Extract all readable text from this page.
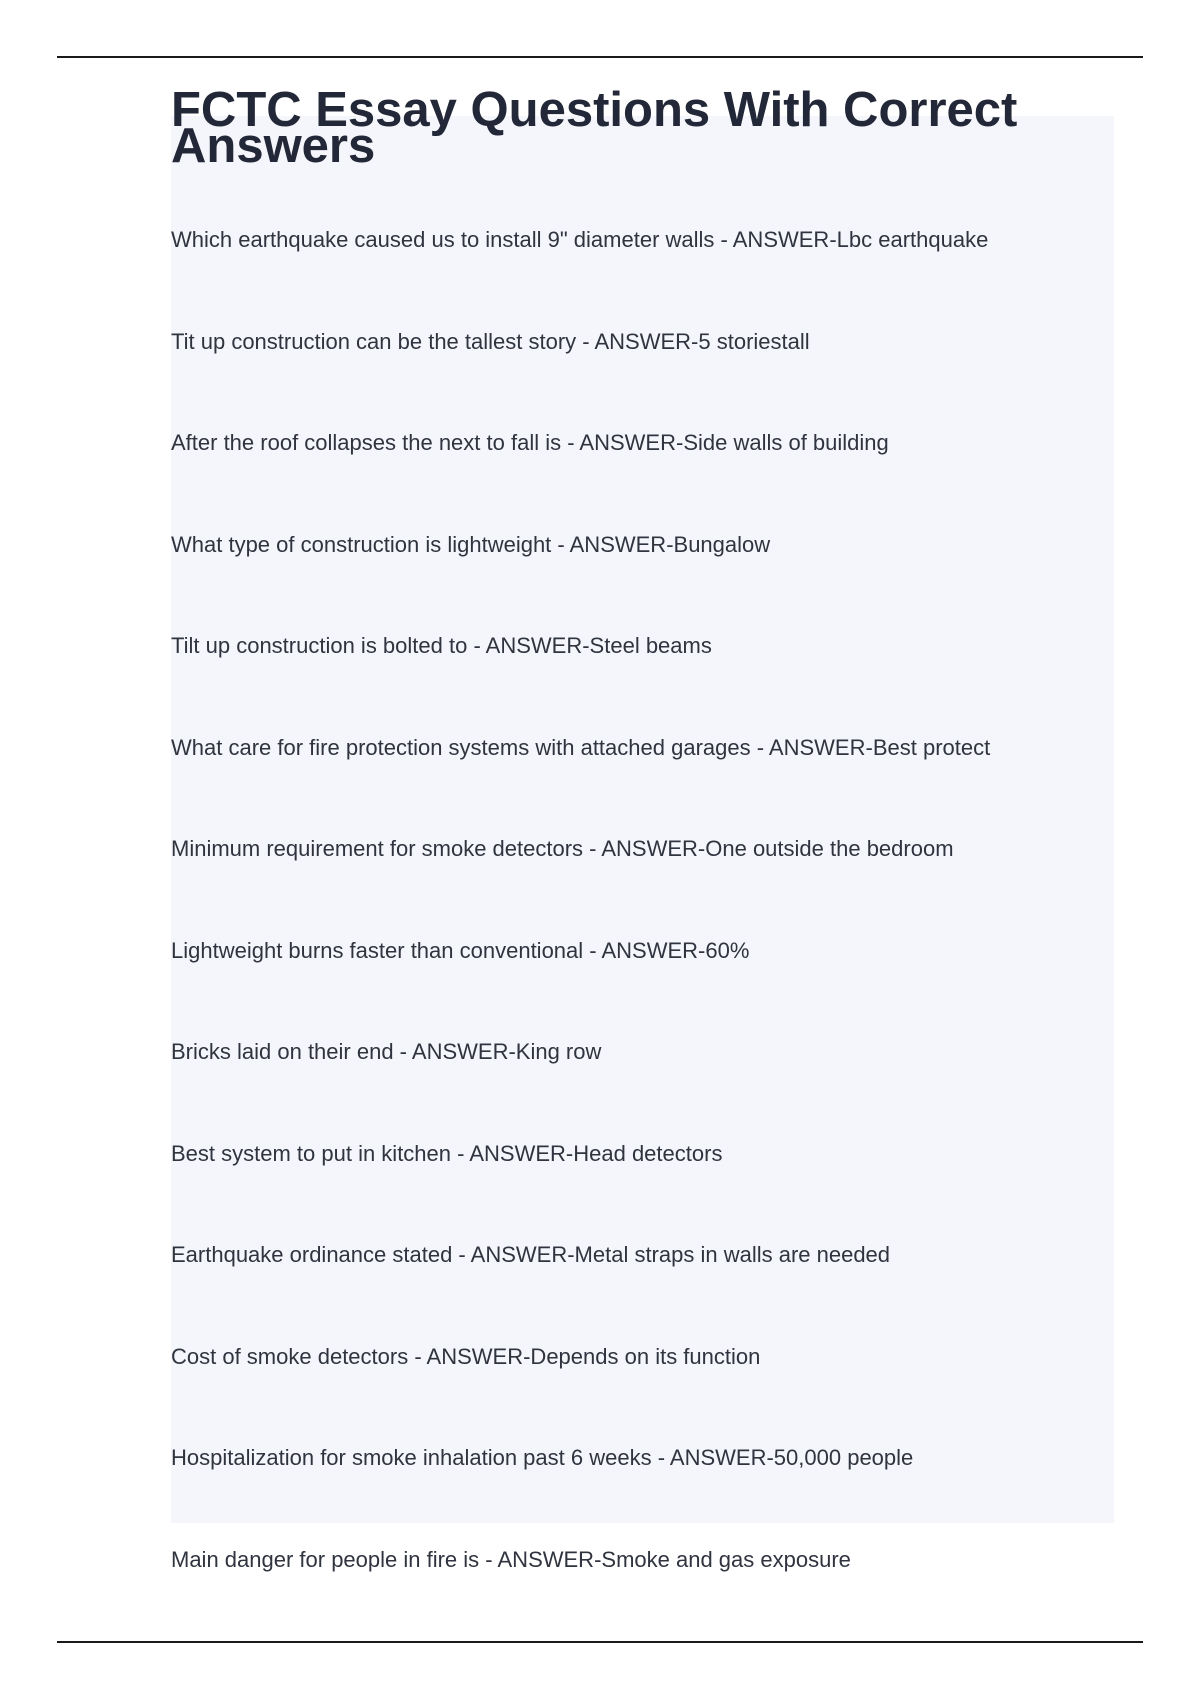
FCTC Essay Questions With Correct Answers
Which earthquake caused us to install 9" diameter walls - ANSWER-Lbc earthquake
Tit up construction can be the tallest story - ANSWER-5 storiestall
After the roof collapses the next to fall is - ANSWER-Side walls of building
What type of construction is lightweight - ANSWER-Bungalow
Tilt up construction is bolted to - ANSWER-Steel beams
What care for fire protection systems with attached garages - ANSWER-Best protect
Minimum requirement for smoke detectors - ANSWER-One outside the bedroom
Lightweight burns faster than conventional - ANSWER-60%
Bricks laid on their end - ANSWER-King row
Best system to put in kitchen - ANSWER-Head detectors
Earthquake ordinance stated - ANSWER-Metal straps in walls are needed
Cost of smoke detectors - ANSWER-Depends on its function
Hospitalization for smoke inhalation past 6 weeks - ANSWER-50,000 people
Main danger for people in fire is - ANSWER-Smoke and gas exposure
